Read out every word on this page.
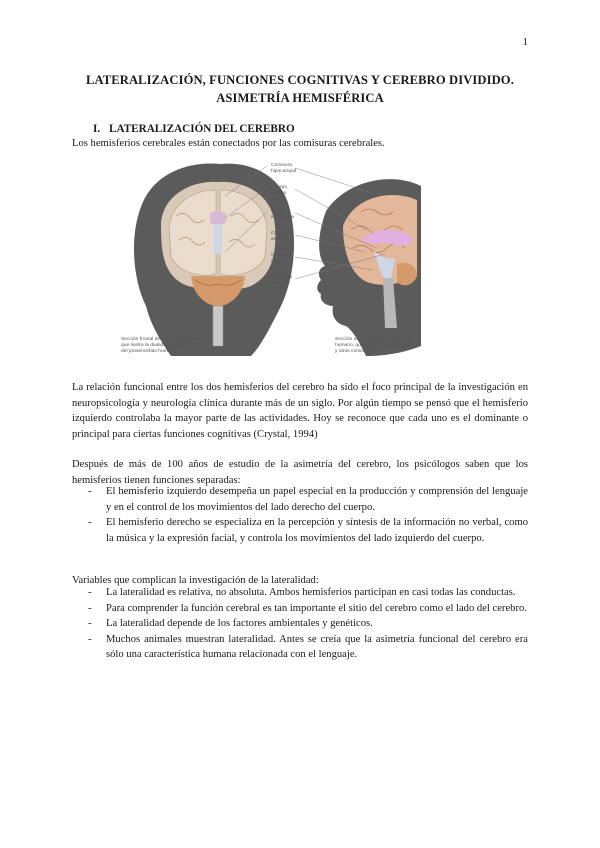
1
LATERALIZACIÓN, FUNCIONES COGNITIVAS Y CEREBRO DIVIDIDO.
ASIMETRÍA HEMISFÉRICA
I. LATERALIZACIÓN DEL CEREBRO
Los hemisferios cerebrales están conectados por las comisuras cerebrales.
Comisura
hipocampal
Cuerpo
calloso
Masa
intermedia
Comisura
anterior
Quiasma
óptico
Comisura
posterior
Sección frontal del encéfalo humano
que ilustra la dualidad esencial
del prosencéfalo humano.
Sección sagital media del encéfalo
humano, que ilustra el cuerpo calloso
y otras comisuras.
La relación funcional entre los dos hemisferios del cerebro ha sido el foco principal de la investigación en neuropsicología y neurología clínica durante más de un siglo. Por algún tiempo se pensó que el hemisferio izquierdo controlaba la mayor parte de las actividades. Hoy se reconoce que cada uno es el dominante o principal para ciertas funciones cognitivas (Crystal, 1994)
Después de más de 100 años de estudio de la asimetría del cerebro, los psicólogos saben que los hemisferios tienen funciones separadas:
- El hemisferio izquierdo desempeña un papel especial en la producción y comprensión del lenguaje y en el control de los movimientos del lado derecho del cuerpo.
- El hemisferio derecho se especializa en la percepción y síntesis de la información no verbal, como la música y la expresión facial, y controla los movimientos del lado izquierdo del cuerpo.
Variables que complican la investigación de la lateralidad:
- La lateralidad es relativa, no absoluta. Ambos hemisferios participan en casi todas las conductas.
- Para comprender la función cerebral es tan importante el sitio del cerebro como el lado del cerebro.
- La lateralidad depende de los factores ambientales y genéticos.
- Muchos animales muestran lateralidad. Antes se creía que la asimetría funcional del cerebro era sólo una característica humana relacionada con el lenguaje.
